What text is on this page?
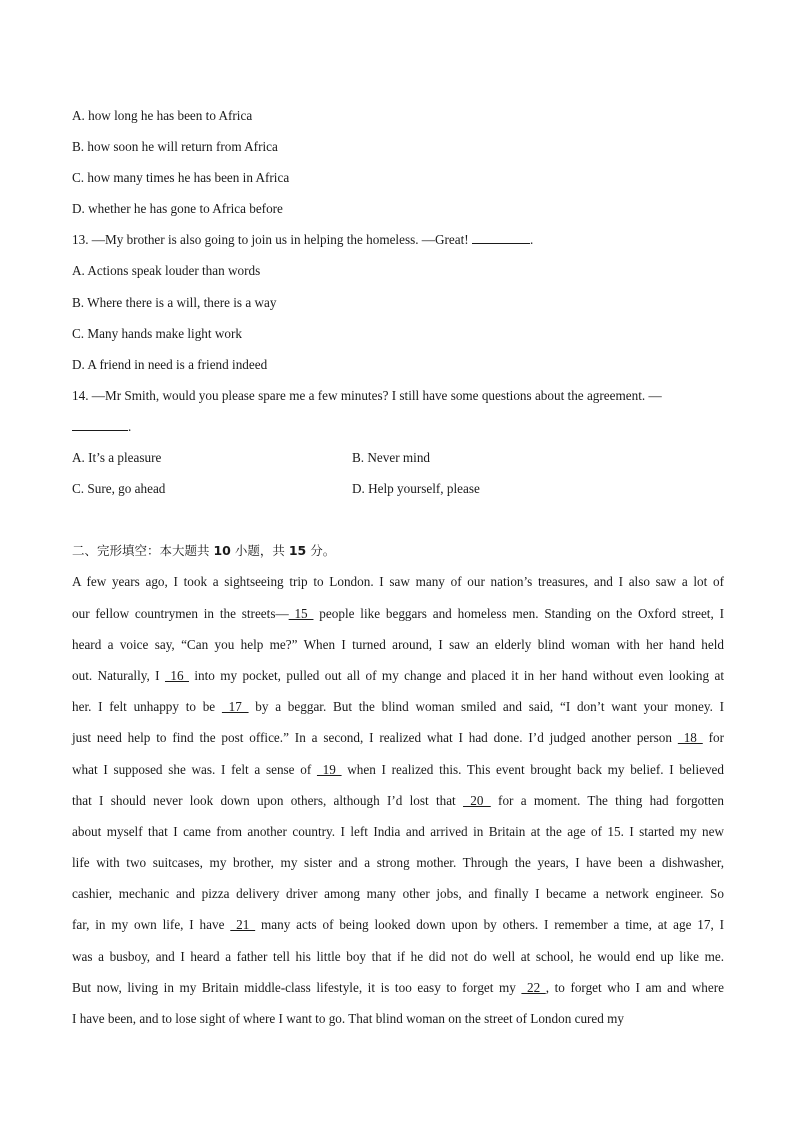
A. how long he has been to Africa
B. how soon he will return from Africa
C. how many times he has been in Africa
D. whether he has gone to Africa before
13. —My brother is also going to join us in helping the homeless. —Great!	.
A. Actions speak louder than words
B. Where there is a will, there is a way
C. Many hands make light work
D. A friend in need is a friend indeed
14. —Mr Smith, would you please spare me a few minutes? I still have some questions about the agreement. —
.
A. It’s a pleasure	B. Never mind
C. Sure, go ahead	D. Help yourself, please
二、完形填空：本大题共 10 小题，共 15 分。
A few years ago, I took a sightseeing trip to London. I saw many of our nation’s treasures, and I also saw a lot of
our fellow countrymen in the streets— 15  people like beggars and homeless men. Standing on the Oxford street, I
heard a voice say, “Can you help me?” When I turned around, I saw an elderly blind woman with her hand held
out. Naturally, I  16  into my pocket, pulled out all of my change and placed it in her hand without even looking at
her. I felt unhappy to be  17  by a beggar. But the blind woman smiled and said, “I don’t want your money. I
just need help to find the post office.” In a second, I realized what I had done. I’d judged another person  18  for
what I supposed she was. I felt a sense of  19  when I realized this. This event brought back my belief. I believed
that I should never look down upon others, although I’d lost that  20  for a moment. The thing had forgotten
about myself that I came from another country. I left India and arrived in Britain at the age of 15. I started my new
life with two suitcases, my brother, my sister and a strong mother. Through the years, I have been a dishwasher,
cashier, mechanic and pizza delivery driver among many other jobs, and finally I became a network engineer. So
far, in my own life, I have  21  many acts of being looked down upon by others. I remember a time, at age 17, I
was a busboy, and I heard a father tell his little boy that if he did not do well at school, he would end up like me.
But now, living in my Britain middle-class lifestyle, it is too easy to forget my  22 , to forget who I am and where
I have been, and to lose sight of where I want to go. That blind woman on the street of London cured my
